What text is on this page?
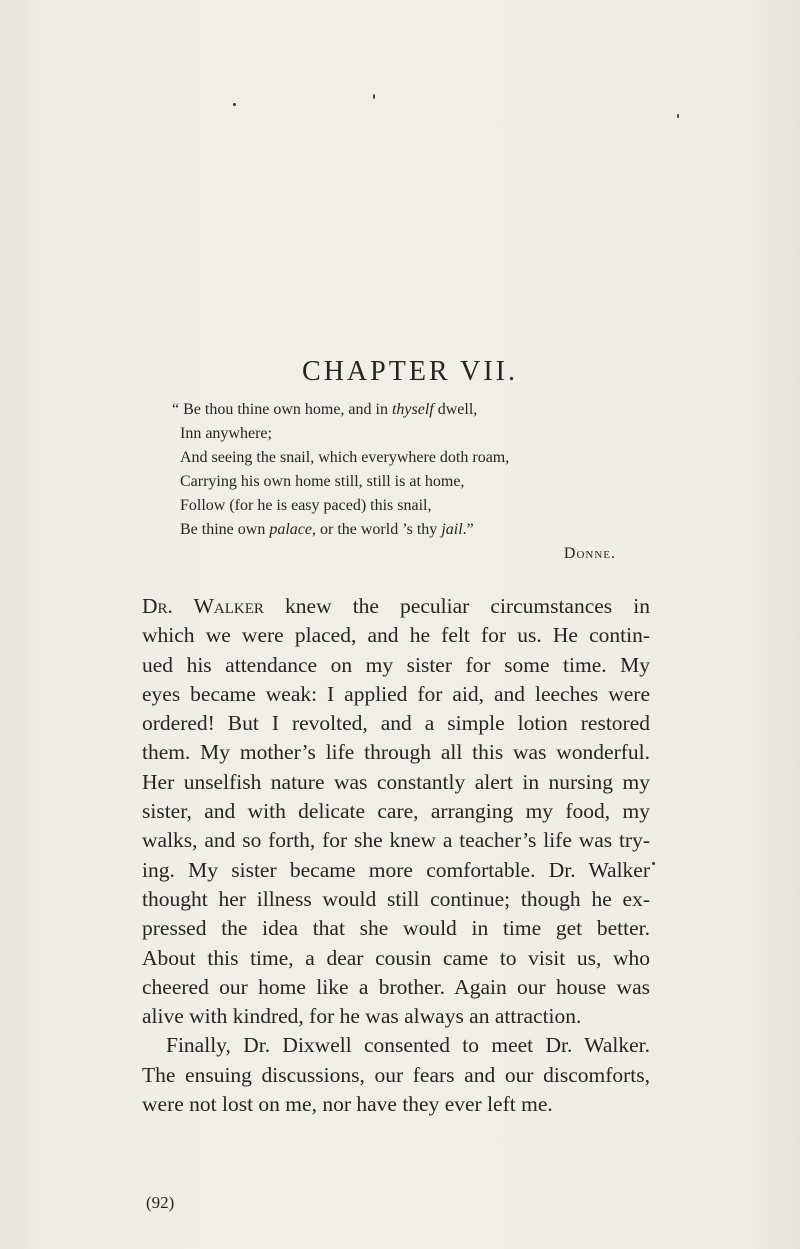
CHAPTER VII.
“ Be thou thine own home, and in thyself dwell,
Inn anywhere;
And seeing the snail, which everywhere doth roam,
Carrying his own home still, still is at home,
Follow (for he is easy paced) this snail,
Be thine own palace, or the world ’s thy jail.”
Donne.
Dr. Walker knew the peculiar circumstances in
which we were placed, and he felt for us. He contin-
ued his attendance on my sister for some time. My
eyes became weak: I applied for aid, and leeches were
ordered! But I revolted, and a simple lotion restored
them. My mother’s life through all this was wonderful.
Her unselfish nature was constantly alert in nursing my
sister, and with delicate care, arranging my food, my
walks, and so forth, for she knew a teacher’s life was try-
ing. My sister became more comfortable. Dr. Walker
thought her illness would still continue; though he ex-
pressed the idea that she would in time get better.
About this time, a dear cousin came to visit us, who
cheered our home like a brother. Again our house was
alive with kindred, for he was always an attraction.
Finally, Dr. Dixwell consented to meet Dr. Walker.
The ensuing discussions, our fears and our discomforts,
were not lost on me, nor have they ever left me.
(92)
